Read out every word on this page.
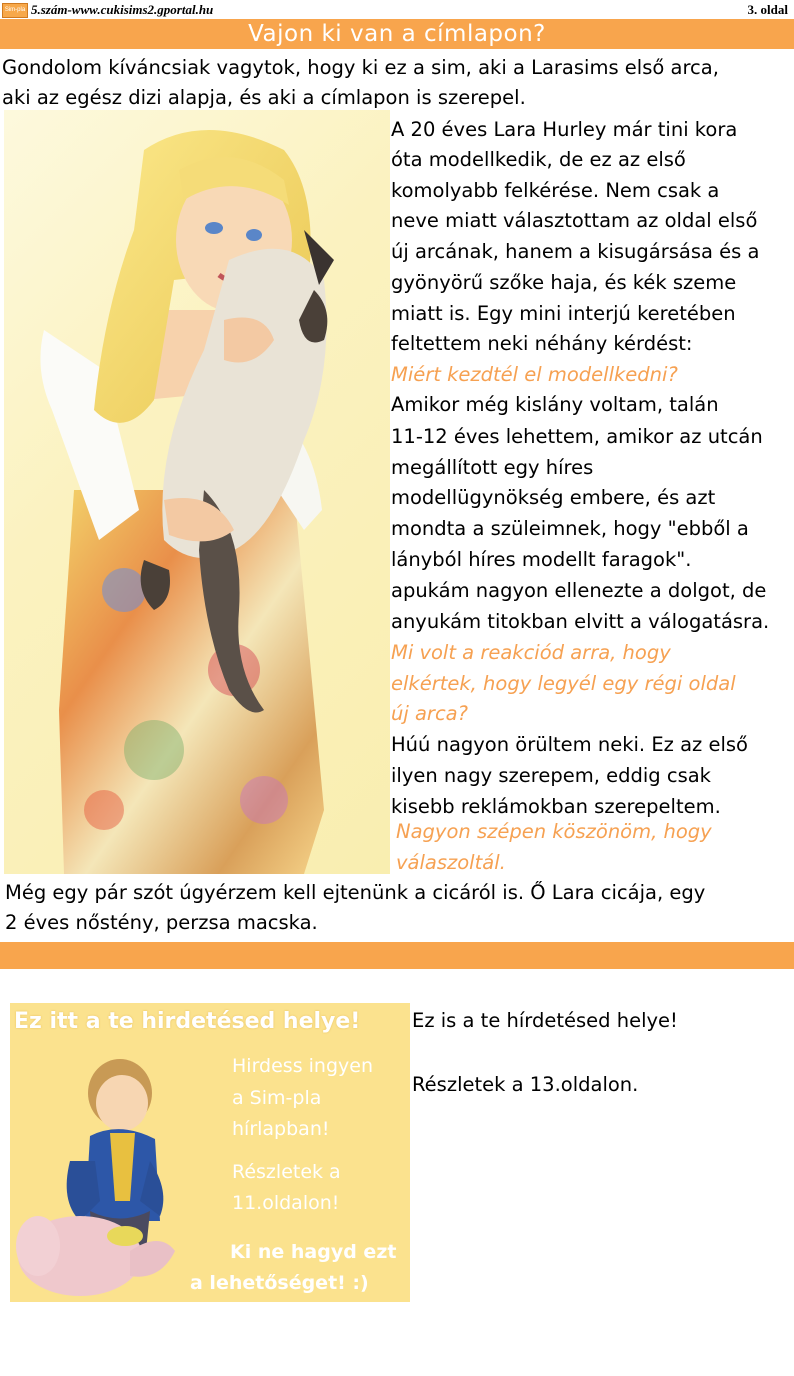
Sim-pla 5.szám-www.cukisims2.gportal.hu	3. oldal
Vajon ki van a címlapon?
Gondolom kíváncsiak vagytok, hogy ki ez a sim, aki a Larasims első arca,
aki az egész dizi alapja, és aki a címlapon is szerepel.
A 20 éves Lara Hurley már tini kora
óta modellkedik, de ez az első
komolyabb felkérése. Nem csak a
neve miatt választottam az oldal első
új arcának, hanem a kisugársása és a
gyönyörű szőke haja, és kék szeme
miatt is. Egy mini interjú keretében
feltettem neki néhány kérdést:
Miért kezdtél el modellkedni?
Amikor még kislány voltam, talán
11-12 éves lehettem, amikor az utcán
megállított egy híres
modellügynökség embere, és azt
mondta a szüleimnek, hogy "ebből a
lányból híres modellt faragok".
apukám nagyon ellenezte a dolgot, de
anyukám titokban elvitt a válogatásra.
Mi volt a reakciód arra, hogy
elkértek, hogy legyél egy régi oldal
új arca?
Húú nagyon örültem neki. Ez az első
ilyen nagy szerepem, eddig csak
kisebb reklámokban szerepeltem.
Nagyon szépen köszönöm, hogy
válaszoltál.
Még egy pár szót úgyérzem kell ejtenünk a cicáról is. Ő Lara cicája, egy
2 éves nőstény, perzsa macska.
Ez itt a te hirdetésed helye!
Hirdess ingyen
a Sim-pla
hírlapban!
Részletek a
11.oldalon!
Ki ne hagyd ezt
a lehetőséget! :)
Ez is a te hírdetésed helye!
Részletek a 13.oldalon.
